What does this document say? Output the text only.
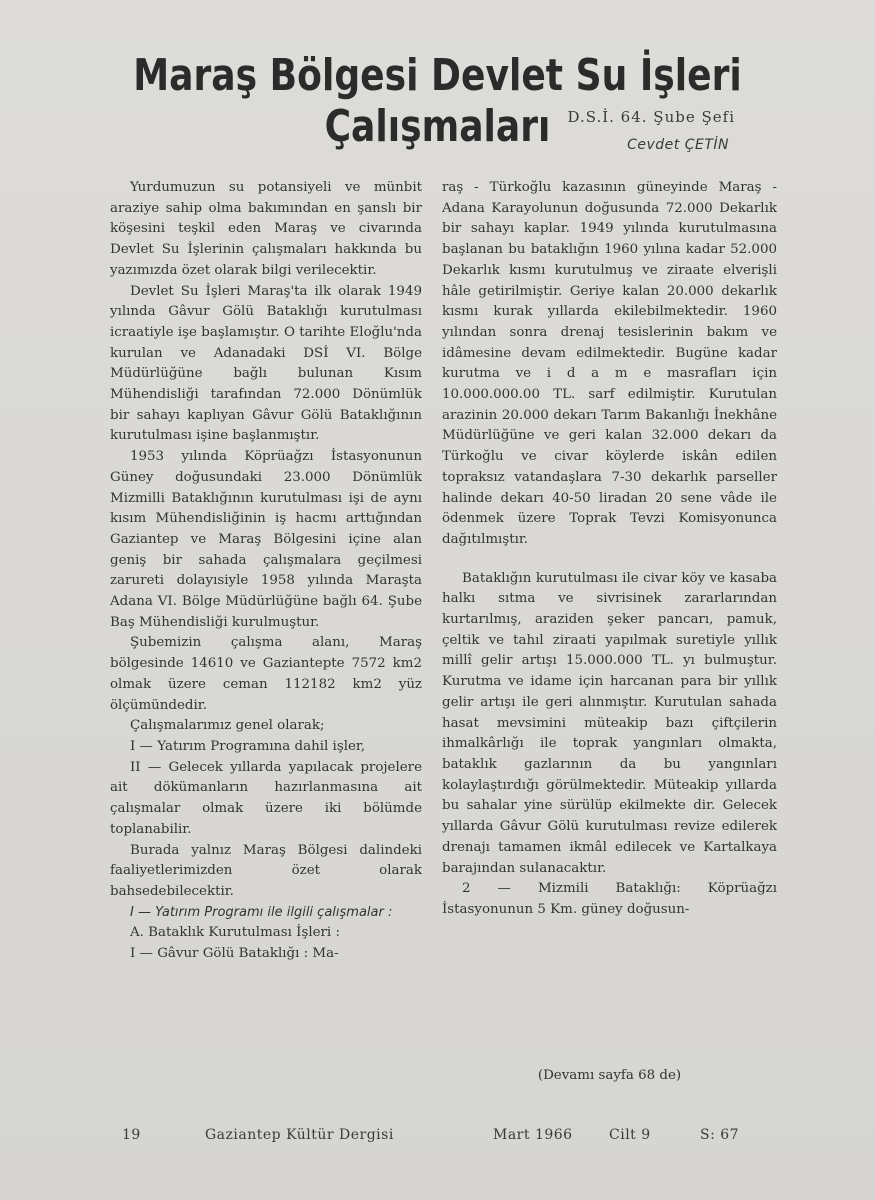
Maraş Bölgesi Devlet Su İşleri Çalışmaları	D.S.İ. 64. Şube Şefi
Cevdet ÇETİN

Yurdumuzun su potansiyeli ve münbit araziye sahip olma bakımından en şanslı bir köşesini teşkil eden Maraş ve civarında Devlet Su İşlerinin çalışmaları hakkında bu yazımızda özet olarak bilgi verilecektir.

Devlet Su İşleri Maraş'ta ilk olarak 1949 yılında Gâvur Gölü Bataklığı kurutulması icraatiyle işe başlamıştır. O tarihte Eloğlu'nda kurulan ve Adanadaki DSİ VI. Bölge Müdürlüğüne bağlı bulunan Kısım Mühendisliği tarafından 72.000 Dönümlük bir sahayı kaplıyan Gâvur Gölü Bataklığının kurutulması işine başlanmıştır.

1953 yılında Köprüağzı İstasyonunun Güney doğusundaki 23.000 Dönümlük Mizmilli Bataklığının kurutulması işi de aynı kısım Mühendisliğinin iş hacmı arttığından Gaziantep ve Maraş Bölgesini içine alan geniş bir sahada çalışmalara geçilmesi zarureti dolayısiyle 1958 yılında Maraşta Adana VI. Bölge Müdürlüğüne bağlı 64. Şube Baş Mühendisliği kurulmuştur.

Şubemizin çalışma alanı, Maraş bölgesinde 14610 ve Gaziantepte 7572 km2 olmak üzere ceman 112182 km2 yüz ölçümündedir.

Çalışmalarımız genel olarak;

I — Yatırım Programına dahil işler,

II — Gelecek yıllarda yapılacak projelere ait dökümanların hazırlanmasına ait çalışmalar olmak üzere iki bölümde toplanabilir.

Burada yalnız Maraş Bölgesi dalindeki faaliyetlerimizden özet olarak bahsedebilecektir.

I — Yatırım Programı ile ilgili çalışmalar :

A. Bataklık Kurutulması İşleri :

I — Gâvur Gölü Bataklığı : Ma-

raş - Türkoğlu kazasının güneyinde Maraş - Adana Karayolunun doğusunda 72.000 Dekarlık bir sahayı kaplar. 1949 yılında kurutulmasına başlanan bu bataklığın 1960 yılına kadar 52.000 Dekarlık kısmı kurutulmuş ve ziraate elverişli hâle getirilmiştir. Geriye kalan 20.000 dekarlık kısmı kurak yıllarda ekilebilmektedir. 1960 yılından sonra drenaj tesislerinin bakım ve idâmesine devam edilmektedir. Bugüne kadar kurutma ve i d a m e masrafları için 10.000.000.00 TL. sarf edilmiştir. Kurutulan arazinin 20.000 dekarı Tarım Bakanlığı İnekhâne Müdürlüğüne ve geri kalan 32.000 dekarı da Türkoğlu ve civar köylerde iskân edilen topraksız vatandaşlara 7-30 dekarlık parseller halinde dekarı 40-50 liradan 20 sene vâde ile ödenmek üzere Toprak Tevzi Komisyonunca dağıtılmıştır.

Bataklığın kurutulması ile civar köy ve kasaba halkı sıtma ve sivrisinek zararlarından kurtarılmış, araziden şeker pancarı, pamuk, çeltik ve tahıl ziraati yapılmak suretiyle yıllık millî gelir artışı 15.000.000 TL. yı bulmuştur. Kurutma ve idame için harcanan para bir yıllık gelir artışı ile geri alınmıştır. Kurutulan sahada hasat mevsimini müteakip bazı çiftçilerin ihmalkârlığı ile toprak yangınları olmakta, bataklık gazlarının da bu yangınları kolaylaştırdığı görülmektedir. Müteakip yıllarda bu sahalar yine sürülüp ekilmekte dir. Gelecek yıllarda Gâvur Gölü kurutulması revize edilerek drenajı tamamen ikmâl edilecek ve Kartalkaya barajından sulanacaktır.

2 — Mizmili Bataklığı: Köprüağzı İstasyonunun 5 Km. güney doğusun-

(Devamı sayfa 68 de)
19	Gaziantep Kültür Dergisi	Mart 1966	Cilt 9	S: 67
